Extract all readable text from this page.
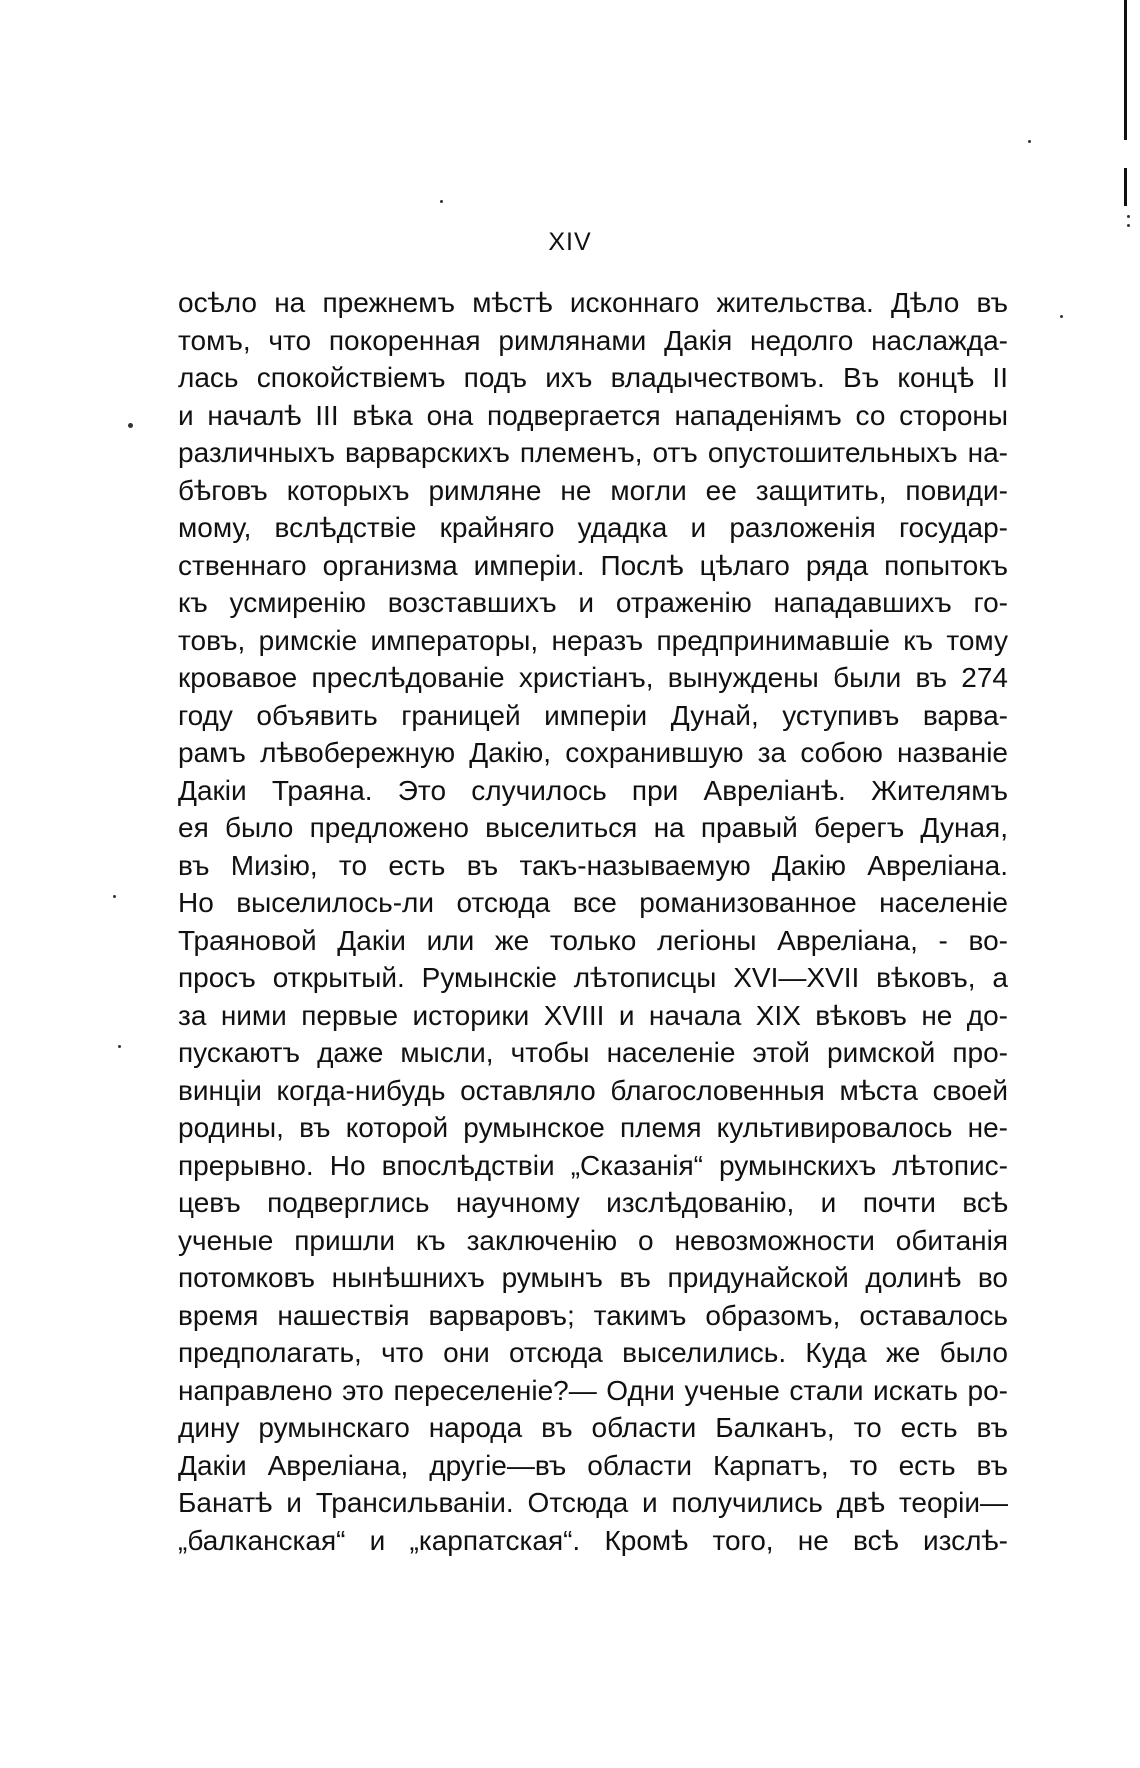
XIV
осѣло на прежнемъ мѣстѣ исконнаго жительства. Дѣло въ
томъ, что покоренная римлянами Дакія недолго наслажда-
лась спокойствіемъ подъ ихъ владычествомъ. Въ концѣ II
и началѣ III вѣка она подвергается нападеніямъ со стороны
различныхъ варварскихъ племенъ, отъ опустошительныхъ на-
бѣговъ которыхъ римляне не могли ее защитить, повиди-
мому, вслѣдствіе крайняго удадка и разложенія государ-
ственнаго организма имперіи. Послѣ цѣлаго ряда попытокъ
къ усмиренію возставшихъ и отраженію нападавшихъ го-
товъ, римскіе императоры, неразъ предпринимавшіе къ тому
кровавое преслѣдованіе христіанъ, вынуждены были въ 274
году объявить границей имперіи Дунай, уступивъ варва-
рамъ лѣвобережную Дакію, сохранившую за собою названіе
Дакіи Траяна. Это случилось при Авреліанѣ. Жителямъ
ея было предложено выселиться на правый берегъ Дуная,
въ Мизію, то есть въ такъ-называемую Дакію Авреліана.
Но выселилось-ли отсюда все романизованное населеніе
Траяновой Дакіи или же только легіоны Авреліана, - во-
просъ открытый. Румынскіе лѣтописцы XVI—XVII вѣковъ, а
за ними первые историки XVIII и начала XIX вѣковъ не до-
пускаютъ даже мысли, чтобы населеніе этой римской про-
винціи когда-нибудь оставляло благословенныя мѣста своей
родины, въ которой румынское племя культивировалось не-
прерывно. Но впослѣдствіи „Сказанія“ румынскихъ лѣтопис-
цевъ подверглись научному изслѣдованію, и почти всѣ
ученые пришли къ заключенію о невозможности обитанія
потомковъ нынѣшнихъ румынъ въ придунайской долинѣ во
время нашествія варваровъ; такимъ образомъ, оставалось
предполагать, что они отсюда выселились. Куда же было
направлено это переселеніе?— Одни ученые стали искать ро-
дину румынскаго народа въ области Балканъ, то есть въ
Дакіи Авреліана, другіе—въ области Карпатъ, то есть въ
Банатѣ и Трансильваніи. Отсюда и получились двѣ теоріи—
„балканская“ и „карпатская“. Кромѣ того, не всѣ изслѣ-
